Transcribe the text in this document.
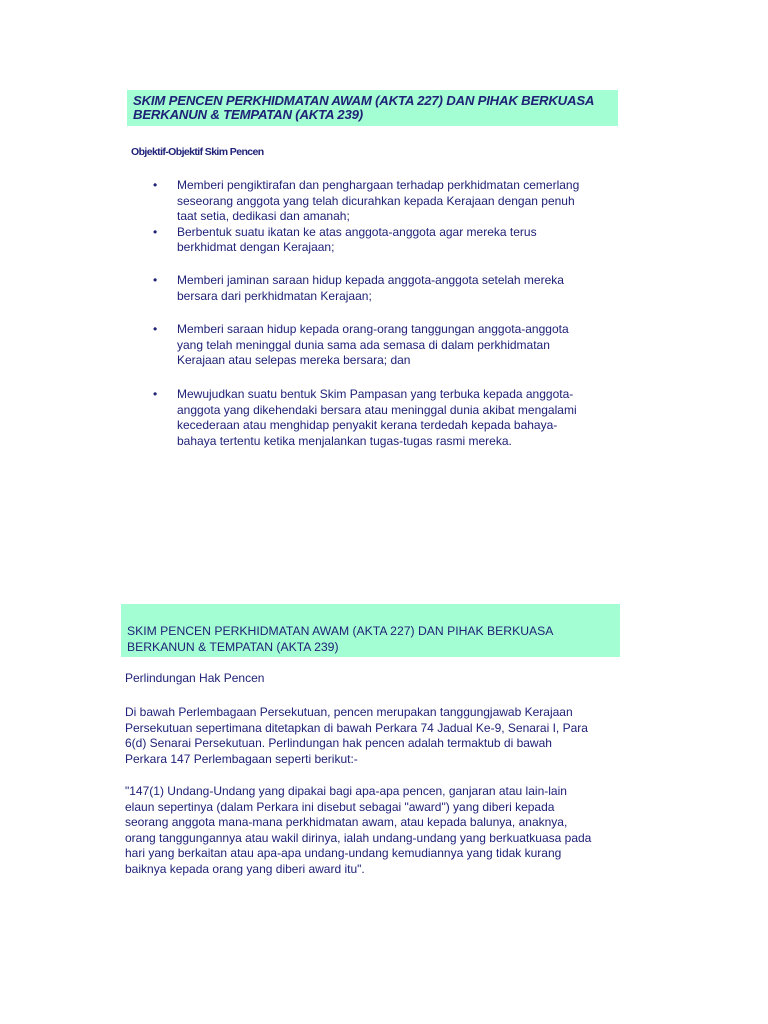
SKIM PENCEN PERKHIDMATAN AWAM (AKTA 227) DAN PIHAK BERKUASA
BERKANUN & TEMPATAN (AKTA 239)
Objektif-Objektif Skim Pencen
• Memberi pengiktirafan dan penghargaan terhadap perkhidmatan cemerlang
seseorang anggota yang telah dicurahkan kepada Kerajaan dengan penuh
taat setia, dedikasi dan amanah;
• Berbentuk suatu ikatan ke atas anggota-anggota agar mereka terus
berkhidmat dengan Kerajaan;
• Memberi jaminan saraan hidup kepada anggota-anggota setelah mereka
bersara dari perkhidmatan Kerajaan;
• Memberi saraan hidup kepada orang-orang tanggungan anggota-anggota
yang telah meninggal dunia sama ada semasa di dalam perkhidmatan
Kerajaan atau selepas mereka bersara; dan
• Mewujudkan suatu bentuk Skim Pampasan yang terbuka kepada anggota-
anggota yang dikehendaki bersara atau meninggal dunia akibat mengalami
kecederaan atau menghidap penyakit kerana terdedah kepada bahaya-
bahaya tertentu ketika menjalankan tugas-tugas rasmi mereka.
SKIM PENCEN PERKHIDMATAN AWAM (AKTA 227) DAN PIHAK BERKUASA
BERKANUN & TEMPATAN (AKTA 239)
Perlindungan Hak Pencen
Di bawah Perlembagaan Persekutuan, pencen merupakan tanggungjawab Kerajaan
Persekutuan sepertimana ditetapkan di bawah Perkara 74 Jadual Ke-9, Senarai I, Para
6(d) Senarai Persekutuan. Perlindungan hak pencen adalah termaktub di bawah
Perkara 147 Perlembagaan seperti berikut:-
"147(1) Undang-Undang yang dipakai bagi apa-apa pencen, ganjaran atau lain-lain
elaun sepertinya (dalam Perkara ini disebut sebagai "award") yang diberi kepada
seorang anggota mana-mana perkhidmatan awam, atau kepada balunya, anaknya,
orang tanggungannya atau wakil dirinya, ialah undang-undang yang berkuatkuasa pada
hari yang berkaitan atau apa-apa undang-undang kemudiannya yang tidak kurang
baiknya kepada orang yang diberi award itu".
